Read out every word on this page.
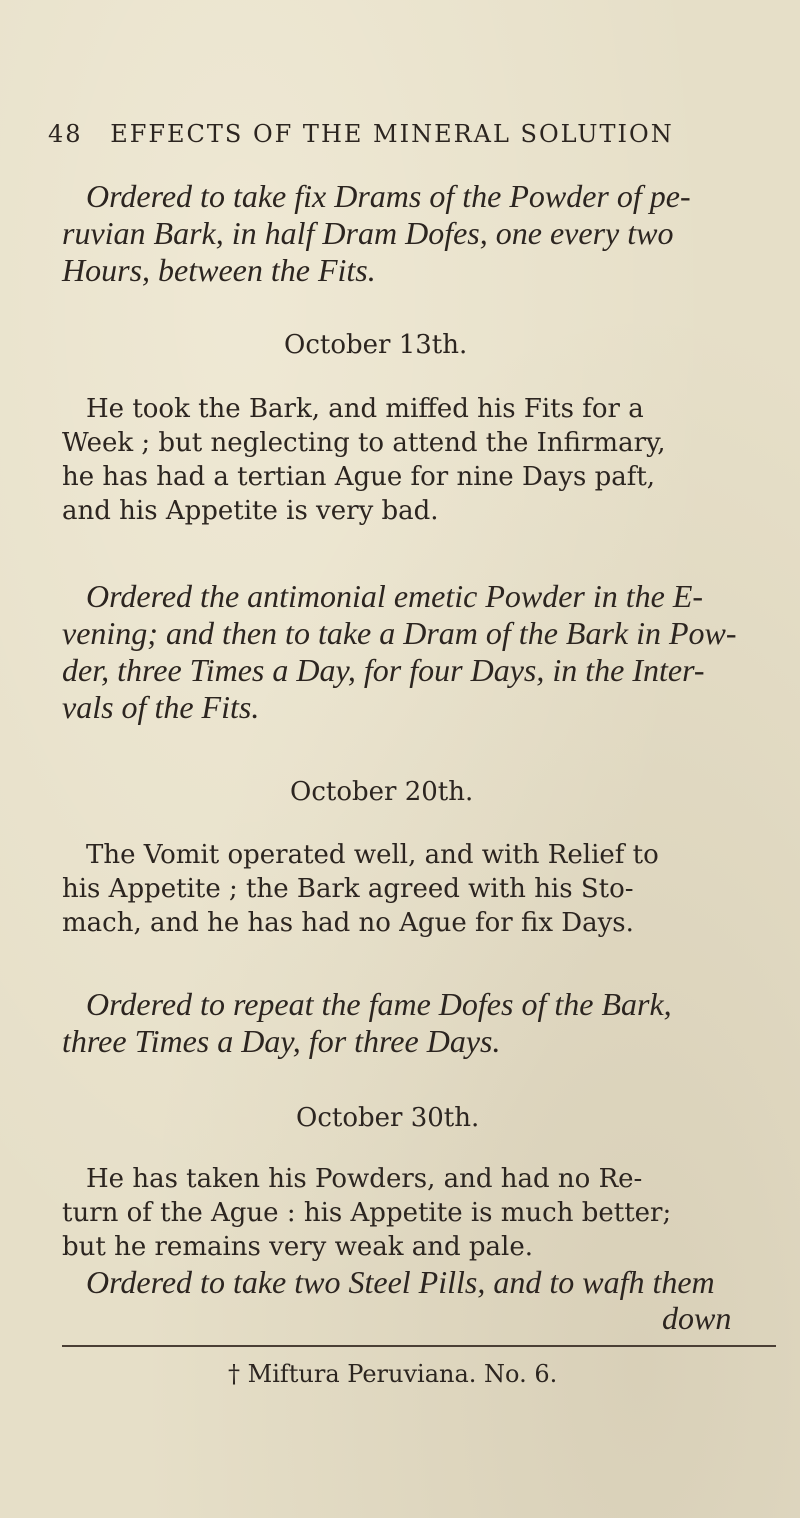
48 EFFECTS OF THE MINERAL SOLUTION

Ordered to take fix Drams of the Powder of pe-
ruvian Bark, in half Dram Dofes, one every two
Hours, between the Fits.

October 13th.

He took the Bark, and miffed his Fits for a
Week ; but neglecting to attend the Infirmary,
he has had a tertian Ague for nine Days paft,
and his Appetite is very bad.

Ordered the antimonial emetic Powder in the E-
vening; and then to take a Dram of the Bark in Pow-
der, three Times a Day, for four Days, in the Inter-
vals of the Fits.

October 20th.

The Vomit operated well, and with Relief to
his Appetite ; the Bark agreed with his Sto-
mach, and he has had no Ague for fix Days.

Ordered to repeat the fame Dofes of the Bark,
three Times a Day, for three Days.

October 30th.

He has taken his Powders, and had no Re-
turn of the Ague : his Appetite is much better;
but he remains very weak and pale.

Ordered to take two Steel Pills, and to wafh them

down
† Miftura Peruviana. No. 6.
